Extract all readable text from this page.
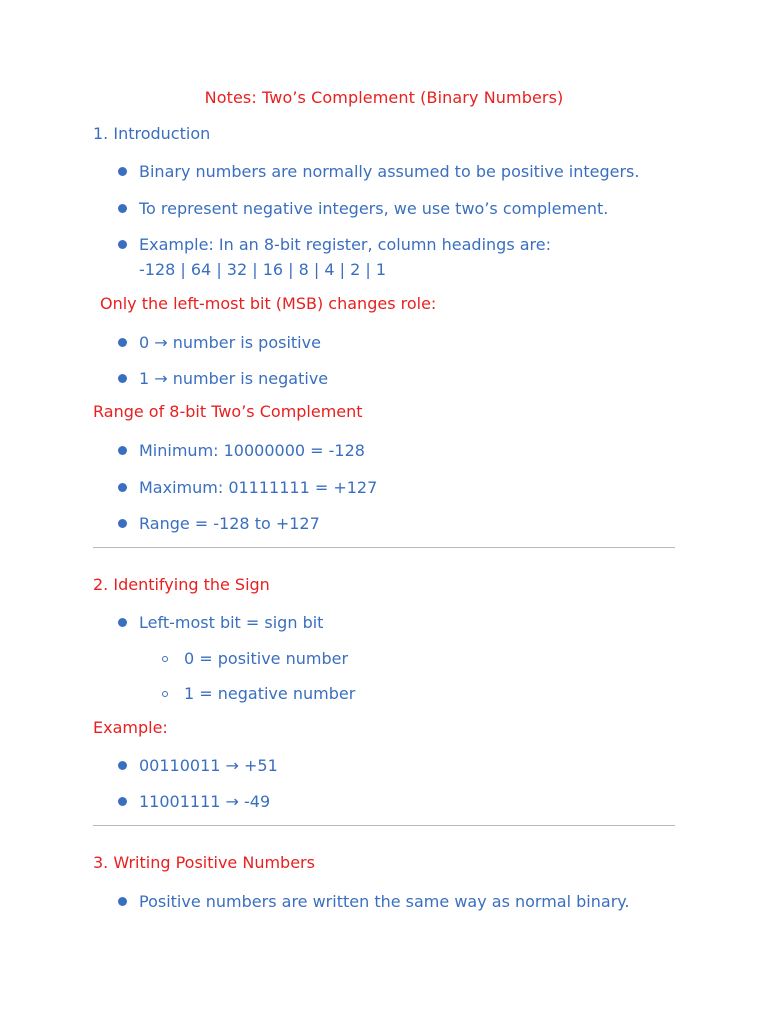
Notes: Two’s Complement (Binary Numbers)
1. Introduction
Binary numbers are normally assumed to be positive integers.
To represent negative integers, we use two’s complement.
Example: In an 8-bit register, column headings are:
-128 | 64 | 32 | 16 | 8 | 4 | 2 | 1
Only the left-most bit (MSB) changes role:
0 → number is positive
1 → number is negative
Range of 8-bit Two’s Complement
Minimum: 10000000 = -128
Maximum: 01111111 = +127
Range = -128 to +127
2. Identifying the Sign
Left-most bit = sign bit
0 = positive number
1 = negative number
Example:
00110011 → +51
11001111 → -49
3. Writing Positive Numbers
Positive numbers are written the same way as normal binary.
